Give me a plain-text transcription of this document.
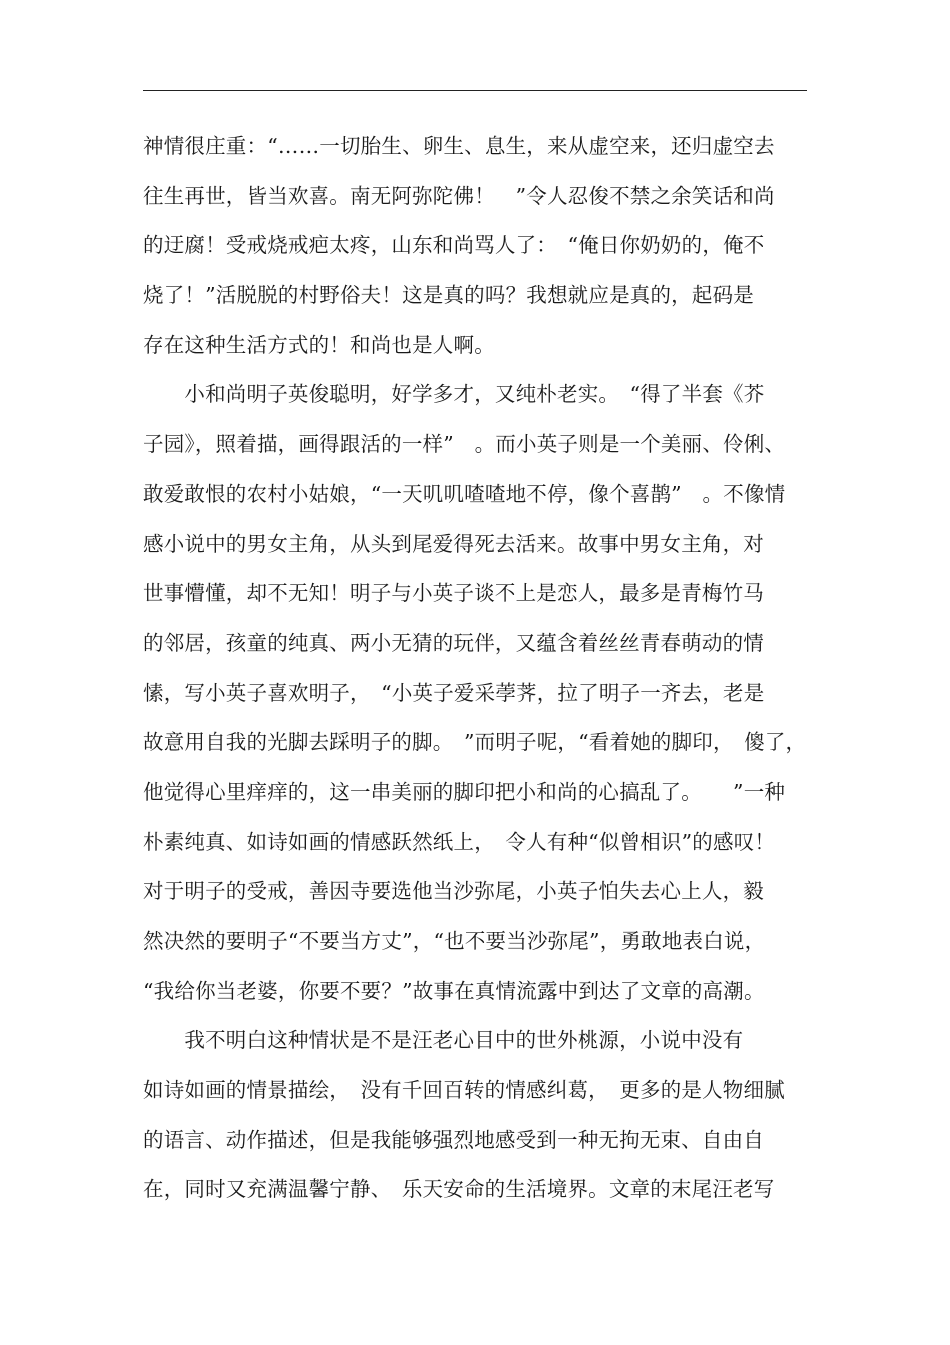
神情很庄重：“……一切胎生、卵生、息生，来从虚空来，还归虚空去
往生再世，皆当欢喜。南无阿弥陀佛！　”令人忍俊不禁之余笑话和尚
的迂腐！受戒烧戒疤太疼，山东和尚骂人了：　“俺日你奶奶的，俺不
烧了！”活脱脱的村野俗夫！这是真的吗？我想就应是真的，起码是
存在这种生活方式的！和尚也是人啊。
　　小和尚明子英俊聪明，好学多才，又纯朴老实。　“得了半套《芥
子园》，照着描，画得跟活的一样”　。而小英子则是一个美丽、伶俐、
敢爱敢恨的农村小姑娘，“一天叽叽喳喳地不停，像个喜鹊”　。不像情
感小说中的男女主角，从头到尾爱得死去活来。故事中男女主角，对
世事懵懂，却不无知！明子与小英子谈不上是恋人，最多是青梅竹马
的邻居，孩童的纯真、两小无猜的玩伴，又蕴含着丝丝青春萌动的情
愫，写小英子喜欢明子，　“小英子爱采荸荠，拉了明子一齐去，老是
故意用自我的光脚去踩明子的脚。　”而明子呢，“看着她的脚印，　傻了，
他觉得心里痒痒的，这一串美丽的脚印把小和尚的心搞乱了。　　”一种
朴素纯真、如诗如画的情感跃然纸上，　令人有种“似曾相识”的感叹！
对于明子的受戒，善因寺要选他当沙弥尾，小英子怕失去心上人，毅
然决然的要明子“不要当方丈”，“也不要当沙弥尾”，勇敢地表白说，
“我给你当老婆，你要不要？”故事在真情流露中到达了文章的高潮。
　　我不明白这种情状是不是汪老心目中的世外桃源，小说中没有
如诗如画的情景描绘，　没有千回百转的情感纠葛，　更多的是人物细腻
的语言、动作描述，但是我能够强烈地感受到一种无拘无束、自由自
在，同时又充满温馨宁静、　乐天安命的生活境界。文章的末尾汪老写
